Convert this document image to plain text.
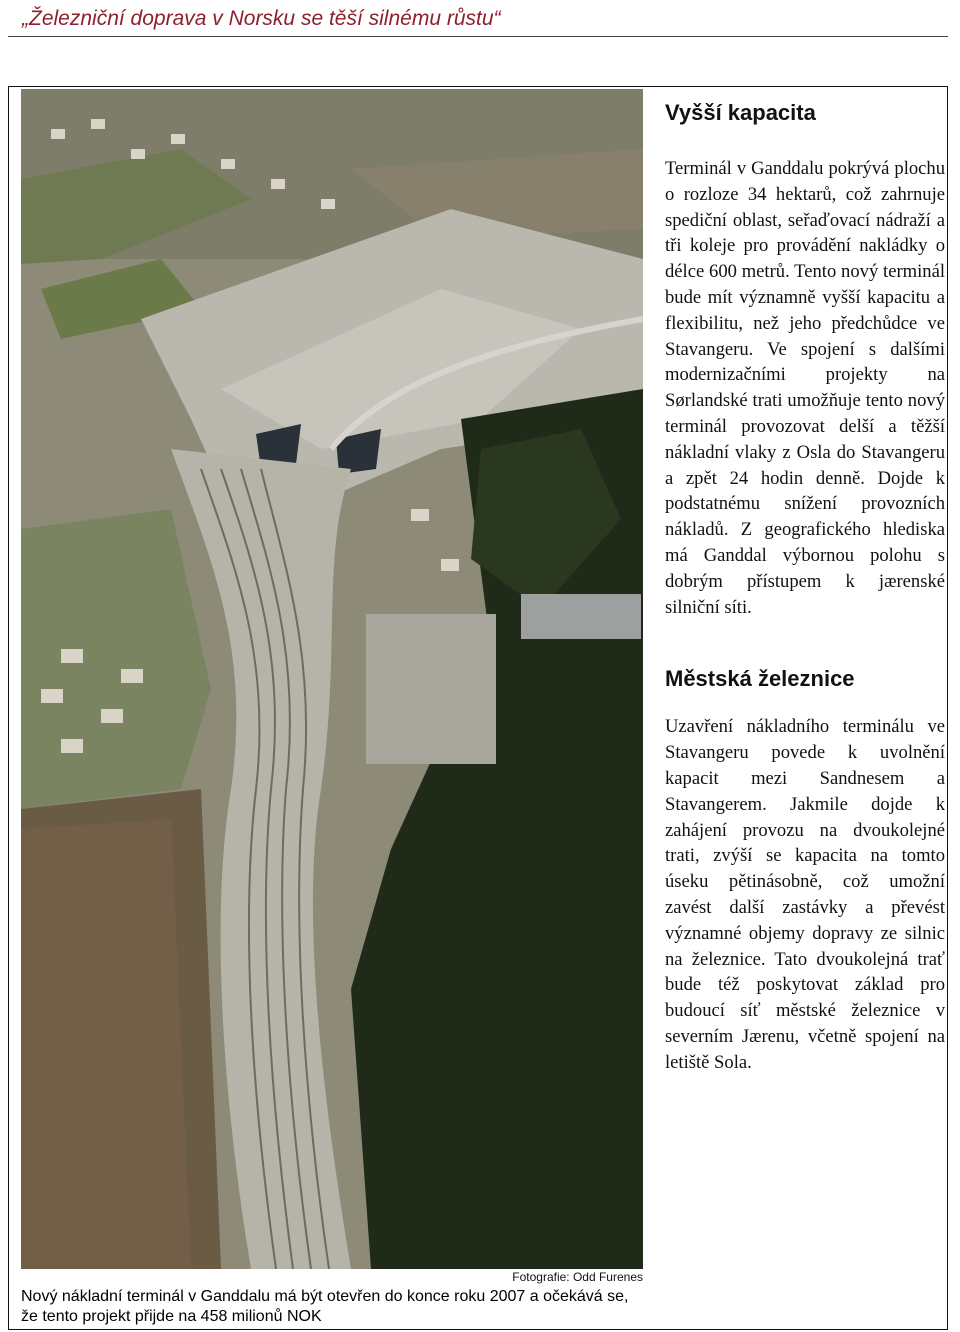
„Železniční doprava v Norsku se těší silnému růstu“
Fotografie: Odd Furenes
Nový nákladní terminál v Ganddalu má být otevřen do konce roku 2007 a očekává se, že tento projekt přijde na 458 milionů NOK
Vyšší kapacita

Terminál v Ganddalu pokrývá plochu o rozloze 34 hektarů, což zahrnuje spediční oblast, seřaďovací nádraží a tři koleje pro provádění nakládky o délce 600 metrů. Tento nový terminál bude mít významně vyšší kapacitu a flexibilitu, než jeho předchůdce ve Stavangeru. Ve spojení s dalšími modernizačními projekty na Sørlandské trati umožňuje tento nový terminál provozovat delší a těžší nákladní vlaky z Osla do Stavangeru a zpět 24 hodin denně. Dojde k podstatnému snížení provozních nákladů. Z geografického hlediska má Ganddal výbornou polohu s dobrým přístupem k jærenské silniční síti.

Městská železnice

Uzavření nákladního terminálu ve Stavangeru povede k uvolnění kapacit mezi Sandnesem a Stavangerem. Jakmile dojde k zahájení provozu na dvoukolejné trati, zvýší se kapacita na tomto úseku pětinásobně, což umožní zavést další zastávky a převést významné objemy dopravy ze silnic na železnice. Tato dvoukolejná trať bude též poskytovat základ pro budoucí síť městské železnice v severním Jærenu, včetně spojení na letiště Sola.
